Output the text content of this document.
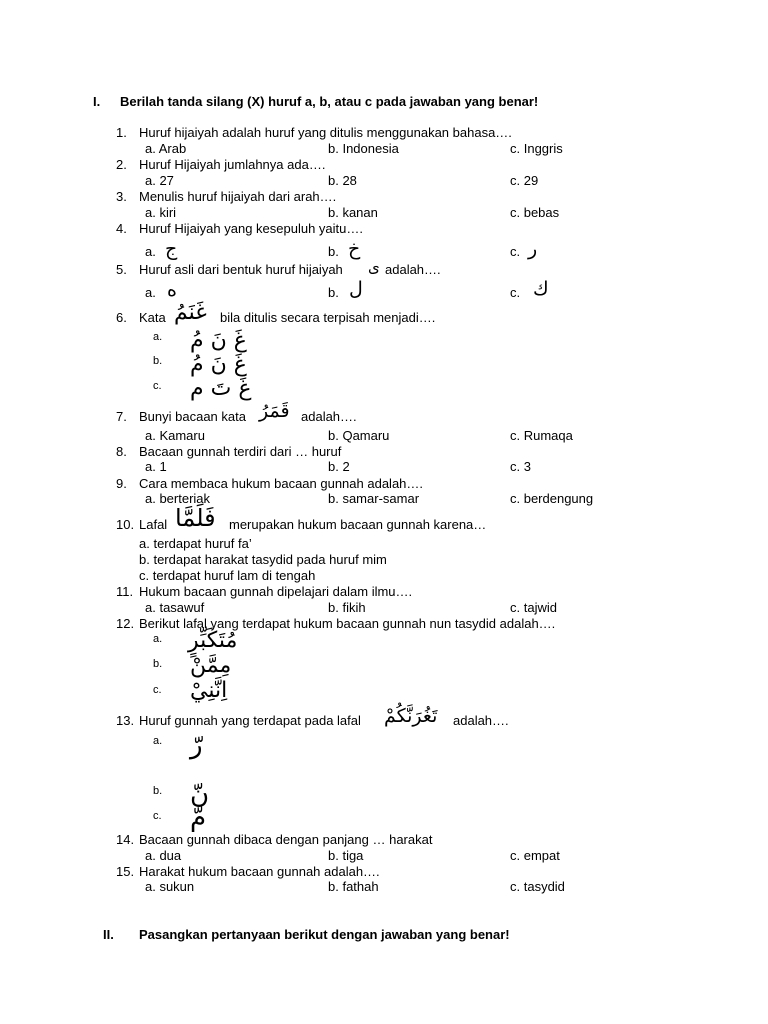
I. Berilah tanda silang (X) huruf a, b, atau c pada jawaban yang benar!
1. Huruf hijaiyah adalah huruf yang ditulis menggunakan bahasa….
a. Arab	b. Indonesia	c. Inggris
2. Huruf Hijaiyah jumlahnya ada….
a. 27	b. 28	c. 29
3. Menulis huruf hijaiyah dari arah….
a. kiri	b. kanan	c. bebas
4. Huruf Hijaiyah yang kesepuluh yaitu….
a. ج	b. خ	c. ر
5. Huruf asli dari bentuk huruf hijaiyah ى adalah….
a. ه	b. ل	c. ك
6. Kata غَنَمُ bila ditulis secara terpisah menjadi….
a. غَ نَ مُ
b. غَ نَ مُ
c. غَ تَ م
7. Bunyi bacaan kata قَمَرُ adalah….
a. Kamaru	b. Qamaru	c. Rumaqa
8. Bacaan gunnah terdiri dari … huruf
a. 1	b. 2	c. 3
9. Cara membaca hukum bacaan gunnah adalah….
a. berteriak	b. samar-samar	c. berdengung
10. Lafal فَلَمَّا merupakan hukum bacaan gunnah karena…
a. terdapat huruf fa’
b. terdapat harakat tasydid pada huruf mim
c. terdapat huruf lam di tengah
11. Hukum bacaan gunnah dipelajari dalam ilmu….
a. tasawuf	b. fikih	c. tajwid
12. Berikut lafal yang terdapat hukum bacaan gunnah nun tasydid adalah….
a. مُتَكَبِّرٍ
b. مِمَّنْ
c. اِنَّنِيْ
13. Huruf gunnah yang terdapat pada lafal تَغُرَنَّكُمْ adalah….
a. رّ
b. نّ
c. مّ
14. Bacaan gunnah dibaca dengan panjang … harakat
a. dua	b. tiga	c. empat
15. Harakat hukum bacaan gunnah adalah….
a. sukun	b. fathah	c. tasydid
II. Pasangkan pertanyaan berikut dengan jawaban yang benar!
